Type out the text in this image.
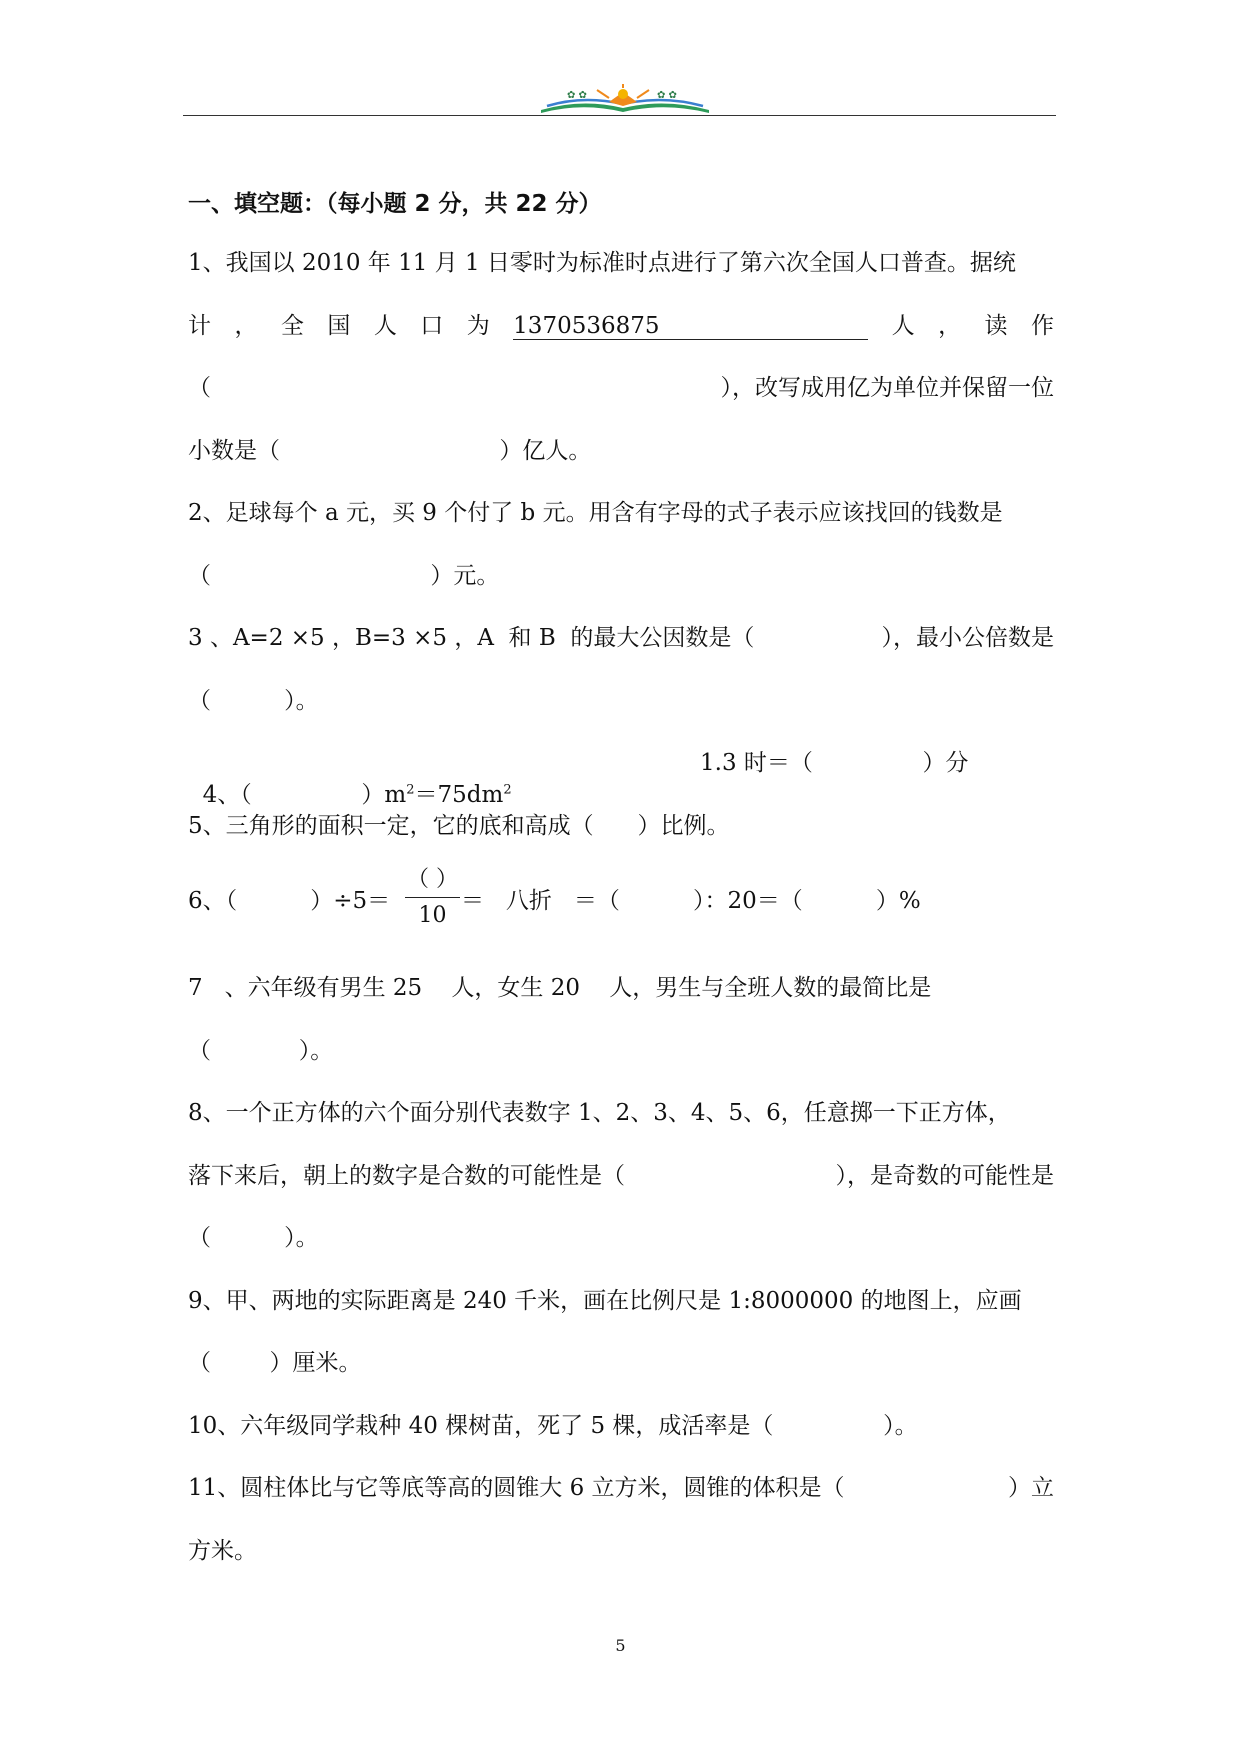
✿ ✿	✿ ✿
一、填空题：（每小题 2 分，共 22 分）
1、我国以 2010 年 11 月 1 日零时为标准时点进行了第六次全国人口普查。据统
计 ， 全 国 人 口 为 1370536875	人 ， 读 作
（	），改写成用亿为单位并保留一位
小数是（                              ）亿人。
2、足球每个 a 元，买 9 个付了 b 元。用含有字母的式子表示应该找回的钱数是
（                              ）元。
3 、A=2 ×5 ，B=3 ×5 ，A  和 B  的最大公因数是（	），最小公倍数是
（          ）。

4、（               ）$m^2=75dm^2$

1.3 时＝（               ）分
5、三角形的面积一定，它的底和高成（      ）比例。
6、（          ）÷5＝
（ ）
10
＝   八折   ＝（          ）：20＝（          ）%
7   、六年级有男生 25    人，女生 20    人，男生与全班人数的最简比是
（            ）。
8、一个正方体的六个面分别代表数字 1、2、3、4、5、6，任意掷一下正方体，
落下来后，朝上的数字是合数的可能性是（	），是奇数的可能性是
（          ）。
9、甲、两地的实际距离是 240 千米，画在比例尺是 1:8000000 的地图上，应画
（        ）厘米。
10、六年级同学栽种 40 棵树苗，死了 5 棵，成活率是（               ）。
11、圆柱体比与它等底等高的圆锥大 6 立方米，圆锥的体积是（	）立
方米。
5
